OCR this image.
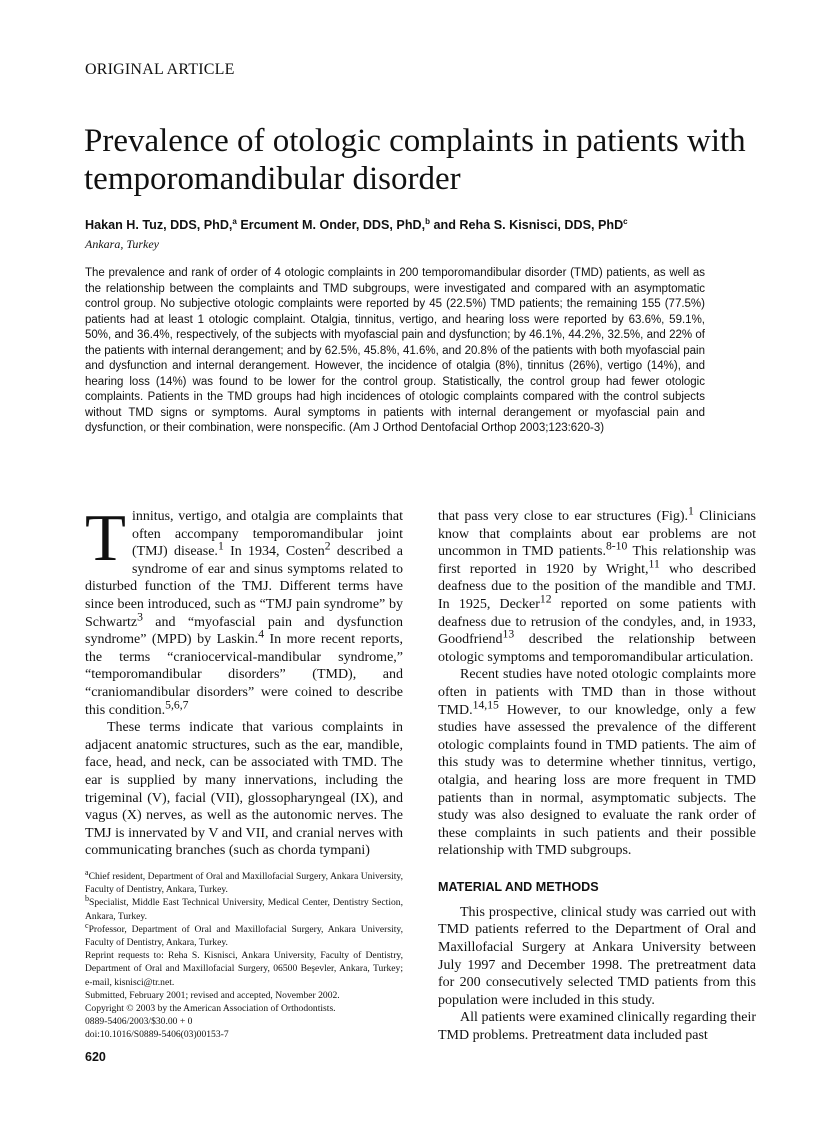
ORIGINAL ARTICLE
Prevalence of otologic complaints in patients with temporomandibular disorder
Hakan H. Tuz, DDS, PhD,$^a$ Ercument M. Onder, DDS, PhD,$^b$ and Reha S. Kisnisci, DDS, PhD$^c$
Ankara, Turkey

The prevalence and rank of order of 4 otologic complaints in 200 temporomandibular disorder (TMD) patients, as well as the relationship between the complaints and TMD subgroups, were investigated and compared with an asymptomatic control group. No subjective otologic complaints were reported by 45 (22.5%) TMD patients; the remaining 155 (77.5%) patients had at least 1 otologic complaint. Otalgia, tinnitus, vertigo, and hearing loss were reported by 63.6%, 59.1%, 50%, and 36.4%, respectively, of the subjects with myofascial pain and dysfunction; by 46.1%, 44.2%, 32.5%, and 22% of the patients with internal derangement; and by 62.5%, 45.8%, 41.6%, and 20.8% of the patients with both myofascial pain and dysfunction and internal derangement. However, the incidence of otalgia (8%), tinnitus (26%), vertigo (14%), and hearing loss (14%) was found to be lower for the control group. Statistically, the control group had fewer otologic complaints. Patients in the TMD groups had high incidences of otologic complaints compared with the control subjects without TMD signs or symptoms. Aural symptoms in patients with internal derangement or myofascial pain and dysfunction, or their combination, were nonspecific. (Am J Orthod Dentofacial Orthop 2003;123:620-3)

Tinnitus, vertigo, and otalgia are complaints that often accompany temporomandibular joint (TMJ) disease.$^1$ In 1934, Costen$^2$ described a syndrome of ear and sinus symptoms related to disturbed function of the TMJ. Different terms have since been introduced, such as “TMJ pain syndrome” by Schwartz$^3$ and “myofascial pain and dysfunction syndrome” (MPD) by Laskin.$^4$ In more recent reports, the terms “craniocervical-mandibular syndrome,” “temporomandibular disorders” (TMD), and “craniomandibular disorders” were coined to describe this condition.$^{5,6,7}$

These terms indicate that various complaints in adjacent anatomic structures, such as the ear, mandible, face, head, and neck, can be associated with TMD. The ear is supplied by many innervations, including the trigeminal (V), facial (VII), glossopharyngeal (IX), and vagus (X) nerves, as well as the autonomic nerves. The TMJ is innervated by V and VII, and cranial nerves with communicating branches (such as chorda tympani)

that pass very close to ear structures (Fig).$^1$ Clinicians know that complaints about ear problems are not uncommon in TMD patients.$^{8-10}$ This relationship was first reported in 1920 by Wright,$^{11}$ who described deafness due to the position of the mandible and TMJ. In 1925, Decker$^{12}$ reported on some patients with deafness due to retrusion of the condyles, and, in 1933, Goodfriend$^{13}$ described the relationship between otologic symptoms and temporomandibular articulation.

Recent studies have noted otologic complaints more often in patients with TMD than in those without TMD.$^{14,15}$ However, to our knowledge, only a few studies have assessed the prevalence of the different otologic complaints found in TMD patients. The aim of this study was to determine whether tinnitus, vertigo, otalgia, and hearing loss are more frequent in TMD patients than in normal, asymptomatic subjects. The study was also designed to evaluate the rank order of these complaints in such patients and their possible relationship with TMD subgroups.

MATERIAL AND METHODS

This prospective, clinical study was carried out with TMD patients referred to the Department of Oral and Maxillofacial Surgery at Ankara University between July 1997 and December 1998. The pretreatment data for 200 consecutively selected TMD patients from this population were included in this study.

All patients were examined clinically regarding their TMD problems. Pretreatment data included past

$^a$Chief resident, Department of Oral and Maxillofacial Surgery, Ankara University, Faculty of Dentistry, Ankara, Turkey.
$^b$Specialist, Middle East Technical University, Medical Center, Dentistry Section, Ankara, Turkey.
$^c$Professor, Department of Oral and Maxillofacial Surgery, Ankara University, Faculty of Dentistry, Ankara, Turkey.
Reprint requests to: Reha S. Kisnisci, Ankara University, Faculty of Dentistry, Department of Oral and Maxillofacial Surgery, 06500 Beşevler, Ankara, Turkey; e-mail, kisnisci@tr.net.
Submitted, February 2001; revised and accepted, November 2002.
Copyright © 2003 by the American Association of Orthodontists.
0889-5406/2003/$30.00 + 0
doi:10.1016/S0889-5406(03)00153-7
620
